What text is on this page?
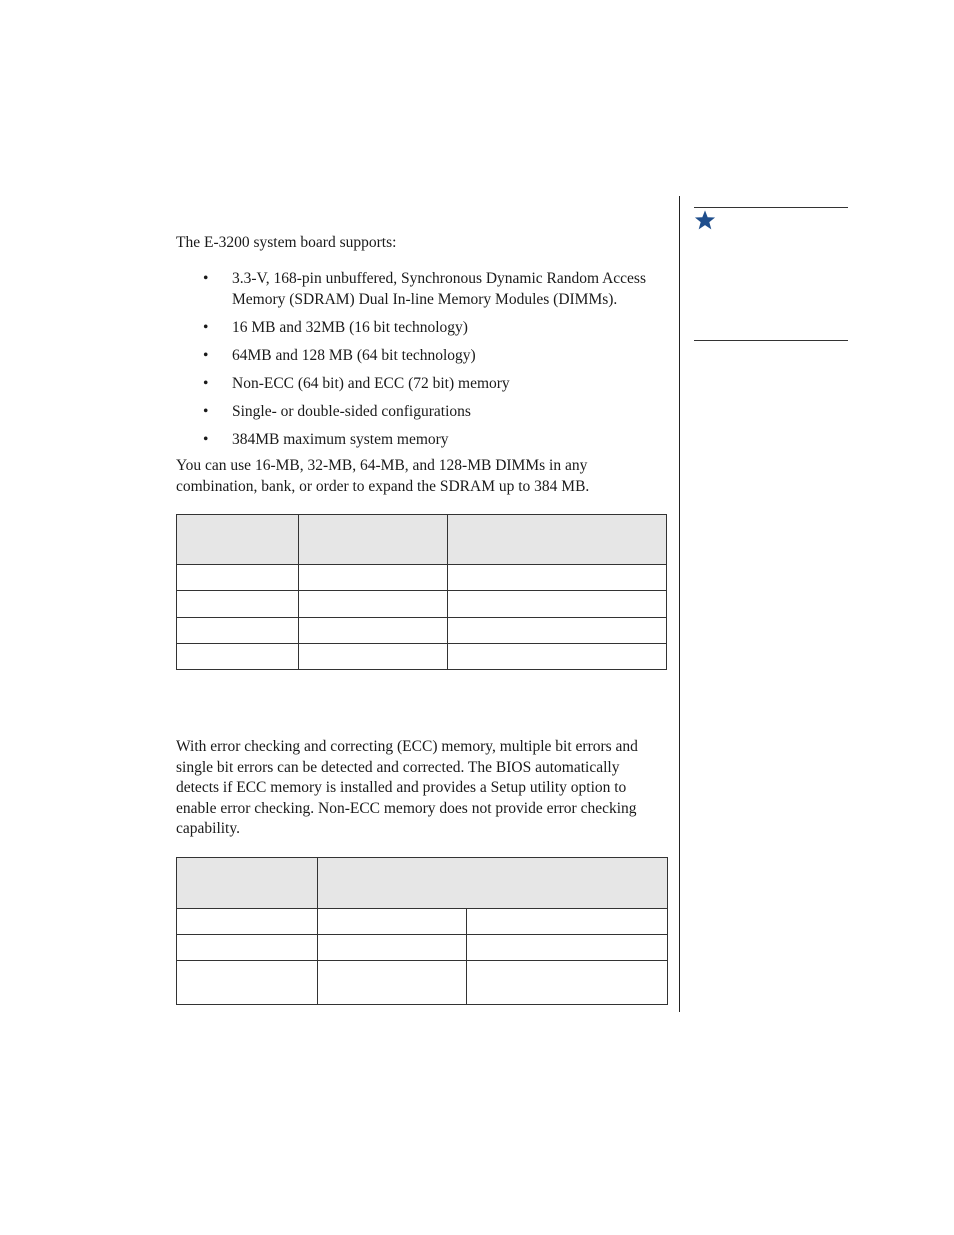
The E-3200 system board supports:

• 3.3-V, 168-pin unbuffered, Synchronous Dynamic Random Access Memory (SDRAM) Dual In-line Memory Modules (DIMMs).
• 16 MB and 32MB (16 bit technology)
• 64MB and 128 MB (64 bit technology)
• Non-ECC (64 bit) and ECC (72 bit) memory
• Single- or double-sided configurations
• 384MB maximum system memory

You can use 16-MB, 32-MB, 64-MB, and 128-MB DIMMs in any combination, bank, or order to expand the SDRAM up to 384 MB.

With error checking and correcting (ECC) memory, multiple bit errors and single bit errors can be detected and corrected. The BIOS automatically detects if ECC memory is installed and provides a Setup utility option to enable error checking. Non-ECC memory does not provide error checking capability.
